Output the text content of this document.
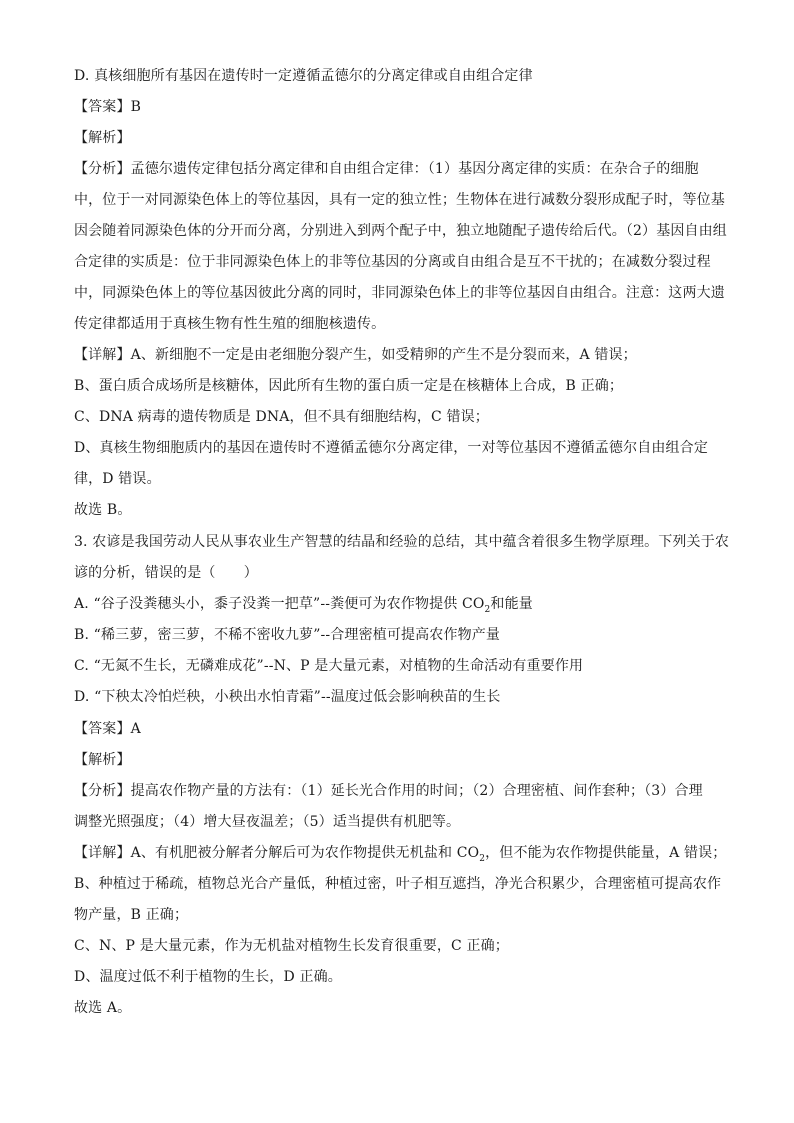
D. 真核细胞所有基因在遗传时一定遵循孟德尔的分离定律或自由组合定律
【答案】B
【解析】
【分析】孟德尔遗传定律包括分离定律和自由组合定律：（1）基因分离定律的实质：在杂合子的细胞
中，位于一对同源染色体上的等位基因，具有一定的独立性；生物体在进行减数分裂形成配子时，等位基
因会随着同源染色体的分开而分离，分别进入到两个配子中，独立地随配子遗传给后代。（2）基因自由组
合定律的实质是：位于非同源染色体上的非等位基因的分离或自由组合是互不干扰的；在减数分裂过程
中，同源染色体上的等位基因彼此分离的同时，非同源染色体上的非等位基因自由组合。注意：这两大遗
传定律都适用于真核生物有性生殖的细胞核遗传。
【详解】A、新细胞不一定是由老细胞分裂产生，如受精卵的产生不是分裂而来，A 错误；
B、蛋白质合成场所是核糖体，因此所有生物的蛋白质一定是在核糖体上合成，B 正确；
C、DNA 病毒的遗传物质是 DNA，但不具有细胞结构，C 错误；
D、真核生物细胞质内的基因在遗传时不遵循孟德尔分离定律，一对等位基因不遵循孟德尔自由组合定
律，D 错误。
故选 B。
3. 农谚是我国劳动人民从事农业生产智慧的结晶和经验的总结，其中蕴含着很多生物学原理。下列关于农
谚的分析，错误的是（　　）
A. “谷子没粪穗头小，黍子没粪一把草”--粪便可为农作物提供 $CO_2$和能量
B. “稀三萝，密三萝，不稀不密收九萝”--合理密植可提高农作物产量
C. “无氮不生长，无磷难成花”--N、P 是大量元素，对植物的生命活动有重要作用
D. “下秧太冷怕烂秧，小秧出水怕青霜”--温度过低会影响秧苗的生长
【答案】A
【解析】
【分析】提高农作物产量的方法有：（1）延长光合作用的时间；（2）合理密植、间作套种；（3）合理
调整光照强度；（4）增大昼夜温差；（5）适当提供有机肥等。
【详解】A、有机肥被分解者分解后可为农作物提供无机盐和 $CO_2$，但不能为农作物提供能量，A 错误；
B、种植过于稀疏，植物总光合产量低，种植过密，叶子相互遮挡，净光合积累少，合理密植可提高农作
物产量，B 正确；
C、N、P 是大量元素，作为无机盐对植物生长发育很重要，C 正确；
D、温度过低不利于植物的生长，D 正确。
故选 A。
